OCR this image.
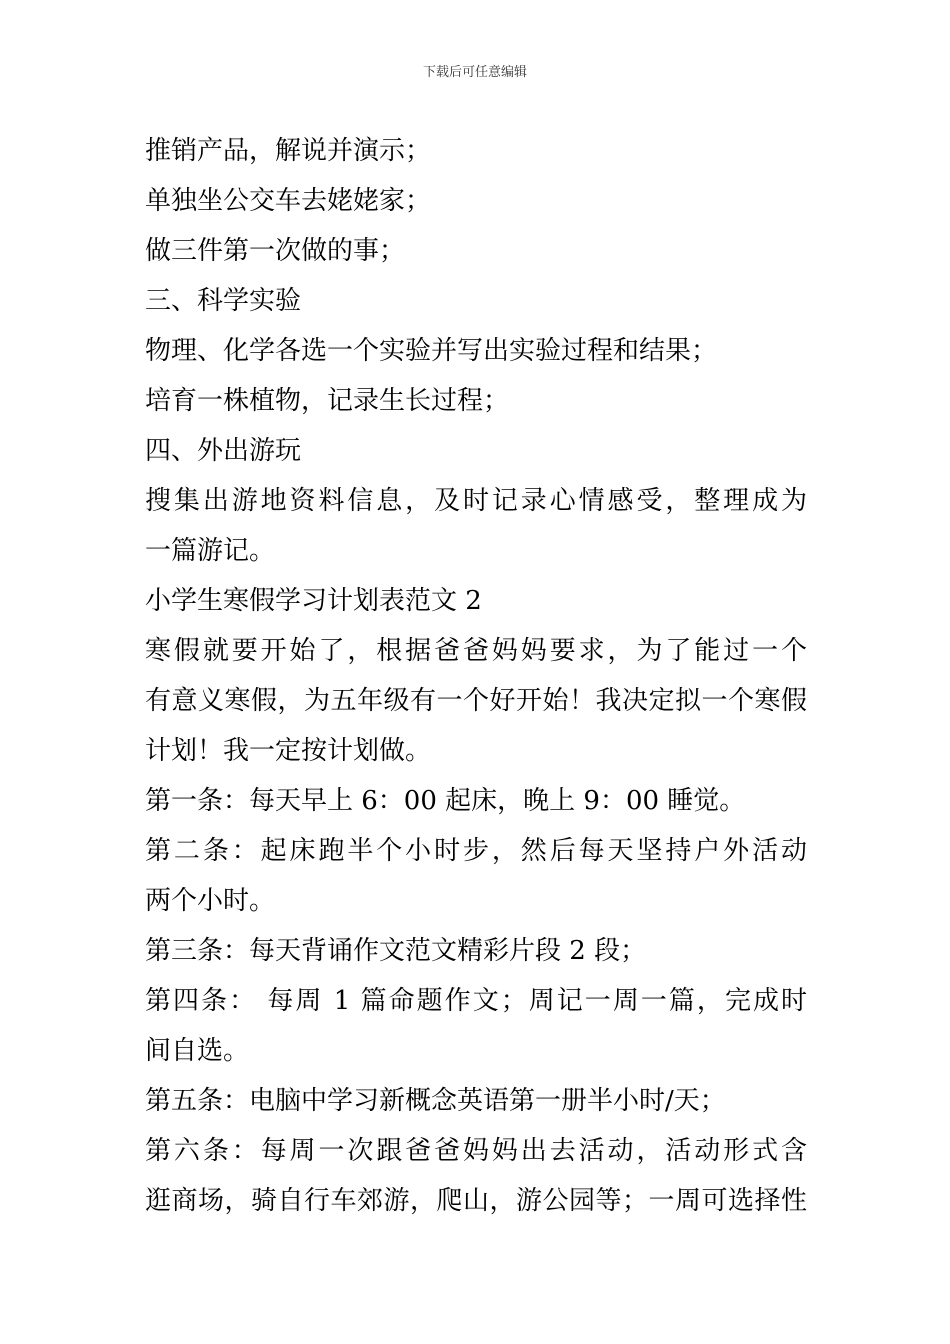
下载后可任意编辑

推销产品，解说并演示；

单独坐公交车去姥姥家；

做三件第一次做的事；

三、科学实验

物理、化学各选一个实验并写出实验过程和结果；

培育一株植物，记录生长过程；

四、外出游玩

搜集出游地资料信息，及时记录心情感受，整理成为

一篇游记。

小学生寒假学习计划表范文 2

寒假就要开始了，根据爸爸妈妈要求，为了能过一个

有意义寒假，为五年级有一个好开始！我决定拟一个寒假

计划！我一定按计划做。

第一条：每天早上 6：00 起床，晚上 9：00 睡觉。

第二条：起床跑半个小时步，然后每天坚持户外活动

两个小时。

第三条：每天背诵作文范文精彩片段 2 段；

第四条： 每周 1 篇命题作文；周记一周一篇，完成时

间自选。

第五条：电脑中学习新概念英语第一册半小时/天；

第六条：每周一次跟爸爸妈妈出去活动，活动形式含

逛商场，骑自行车郊游，爬山，游公园等；一周可选择性
